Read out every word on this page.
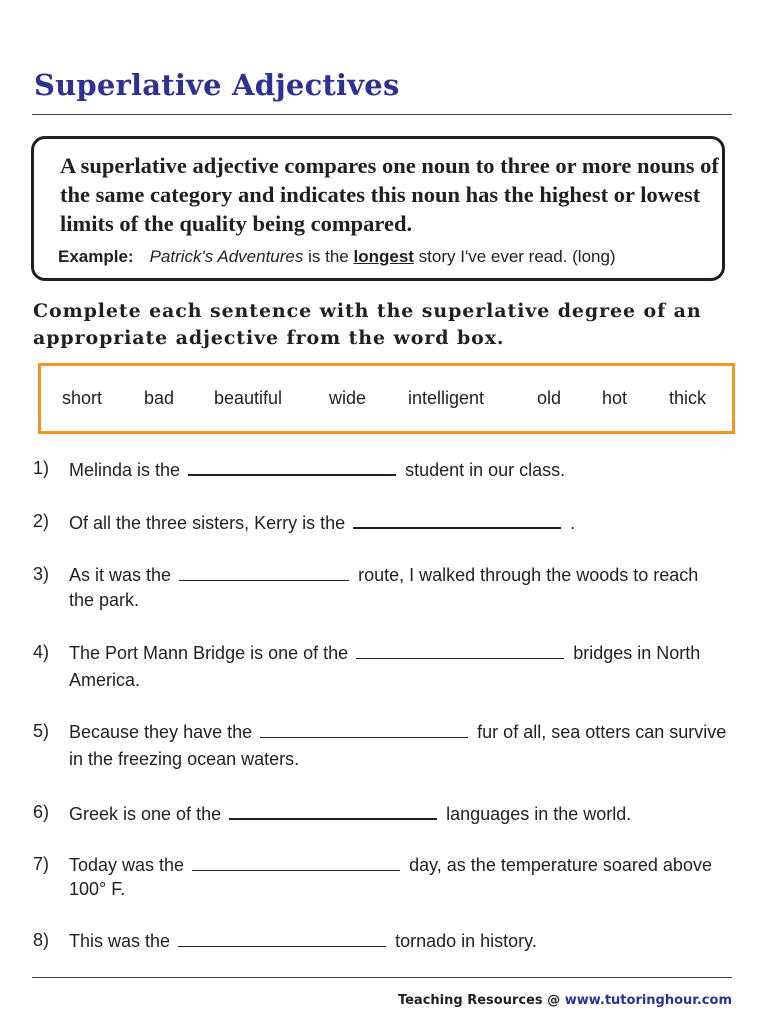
Superlative Adjectives

A superlative adjective compares one noun to three or more nouns of the same category and indicates this noun has the highest or lowest limits of the quality being compared.

Example: Patrick's Adventures is the longest story I've ever read. (long)

Complete each sentence with the superlative degree of an appropriate adjective from the word box.

short bad beautiful	wide intelligent	old hot thick
1) Melinda is the	student in our class.
2) Of all the three sisters, Kerry is the	.
3) As it was the	route, I walked through the woods to reach
the park.
4) The Port Mann Bridge is one of the	bridges in North
America.
5) Because they have the	fur of all, sea otters can survive
in the freezing ocean waters.
6) Greek is one of the	languages in the world.
7) Today was the	day, as the temperature soared above
100° F.
8) This was the	tornado in history.
Teaching Resources @ www.tutoringhour.com
